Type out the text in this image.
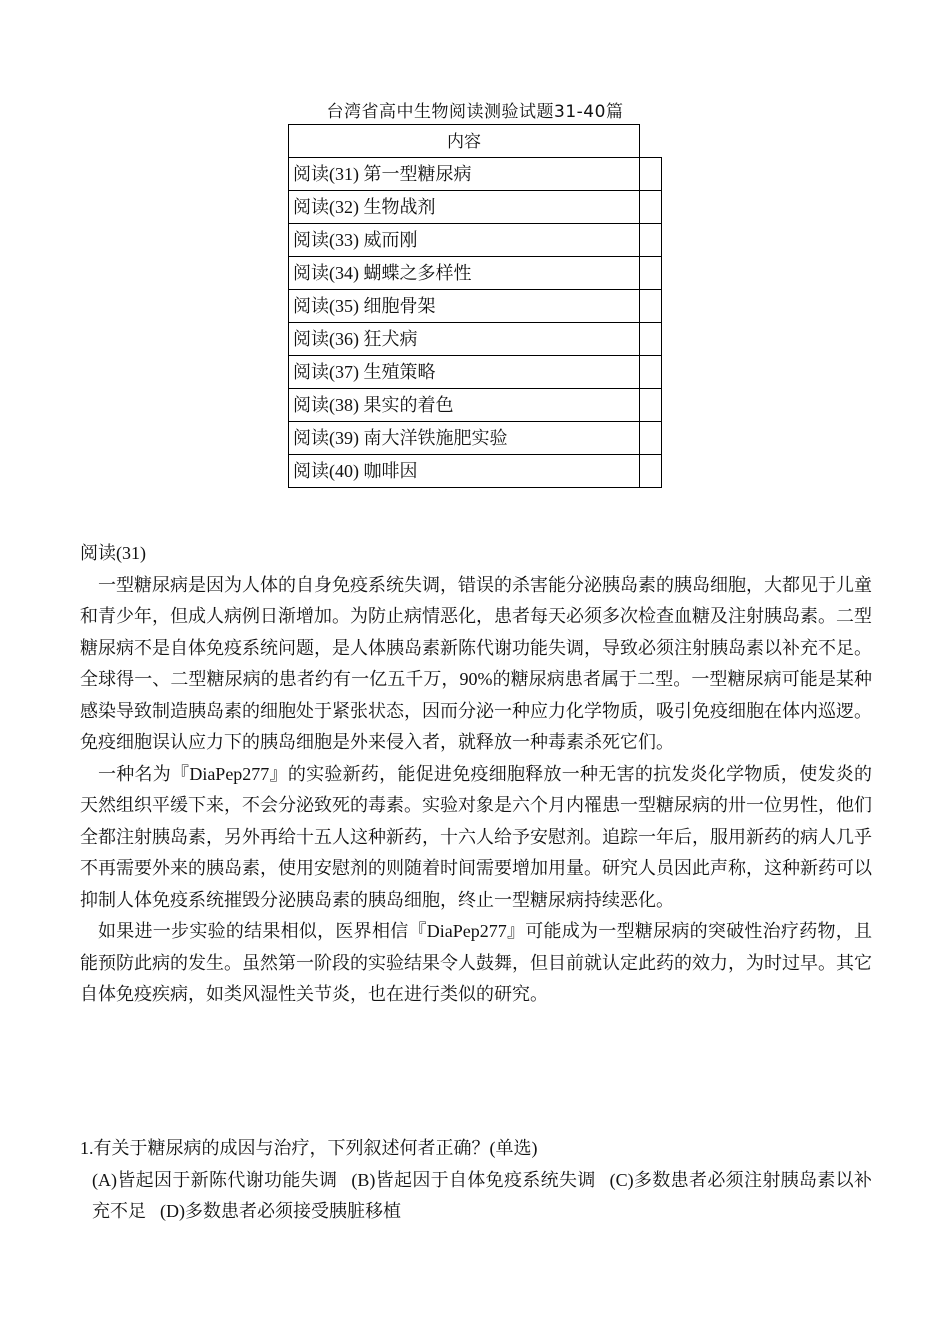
台湾省高中生物阅读测验试题31-40篇
内容
阅读(31) 第一型糖尿病
阅读(32) 生物战剂
阅读(33) 威而刚
阅读(34) 蝴蝶之多样性
阅读(35) 细胞骨架
阅读(36) 狂犬病
阅读(37) 生殖策略
阅读(38) 果实的着色
阅读(39) 南大洋铁施肥实验
阅读(40) 咖啡因

阅读(31)

一型糖尿病是因为人体的自身免疫系统失调，错误的杀害能分泌胰岛素的胰岛细胞，大都见于儿童和青少年，但成人病例日渐增加。为防止病情恶化，患者每天必须多次检查血糖及注射胰岛素。二型糖尿病不是自体免疫系统问题，是人体胰岛素新陈代谢功能失调，导致必须注射胰岛素以补充不足。全球得一、二型糖尿病的患者约有一亿五千万，90%的糖尿病患者属于二型。一型糖尿病可能是某种感染导致制造胰岛素的细胞处于紧张状态，因而分泌一种应力化学物质，吸引免疫细胞在体内巡逻。免疫细胞误认应力下的胰岛细胞是外来侵入者，就释放一种毒素杀死它们。

一种名为『DiaPep277』的实验新药，能促进免疫细胞释放一种无害的抗发炎化学物质，使发炎的天然组织平缓下来，不会分泌致死的毒素。实验对象是六个月内罹患一型糖尿病的卅一位男性，他们全都注射胰岛素，另外再给十五人这种新药，十六人给予安慰剂。追踪一年后，服用新药的病人几乎不再需要外来的胰岛素，使用安慰剂的则随着时间需要增加用量。研究人员因此声称，这种新药可以抑制人体免疫系统摧毁分泌胰岛素的胰岛细胞，终止一型糖尿病持续恶化。

如果进一步实验的结果相似，医界相信『DiaPep277』可能成为一型糖尿病的突破性治疗药物，且能预防此病的发生。虽然第一阶段的实验结果令人鼓舞，但目前就认定此药的效力，为时过早。其它自体免疫疾病，如类风湿性关节炎，也在进行类似的研究。

1.有关于糖尿病的成因与治疗，下列叙述何者正确？(单选)

(A)皆起因于新陈代谢功能失调 (B)皆起因于自体免疫系统失调 (C)多数患者必须注射胰岛素以补充不足 (D)多数患者必须接受胰脏移植
